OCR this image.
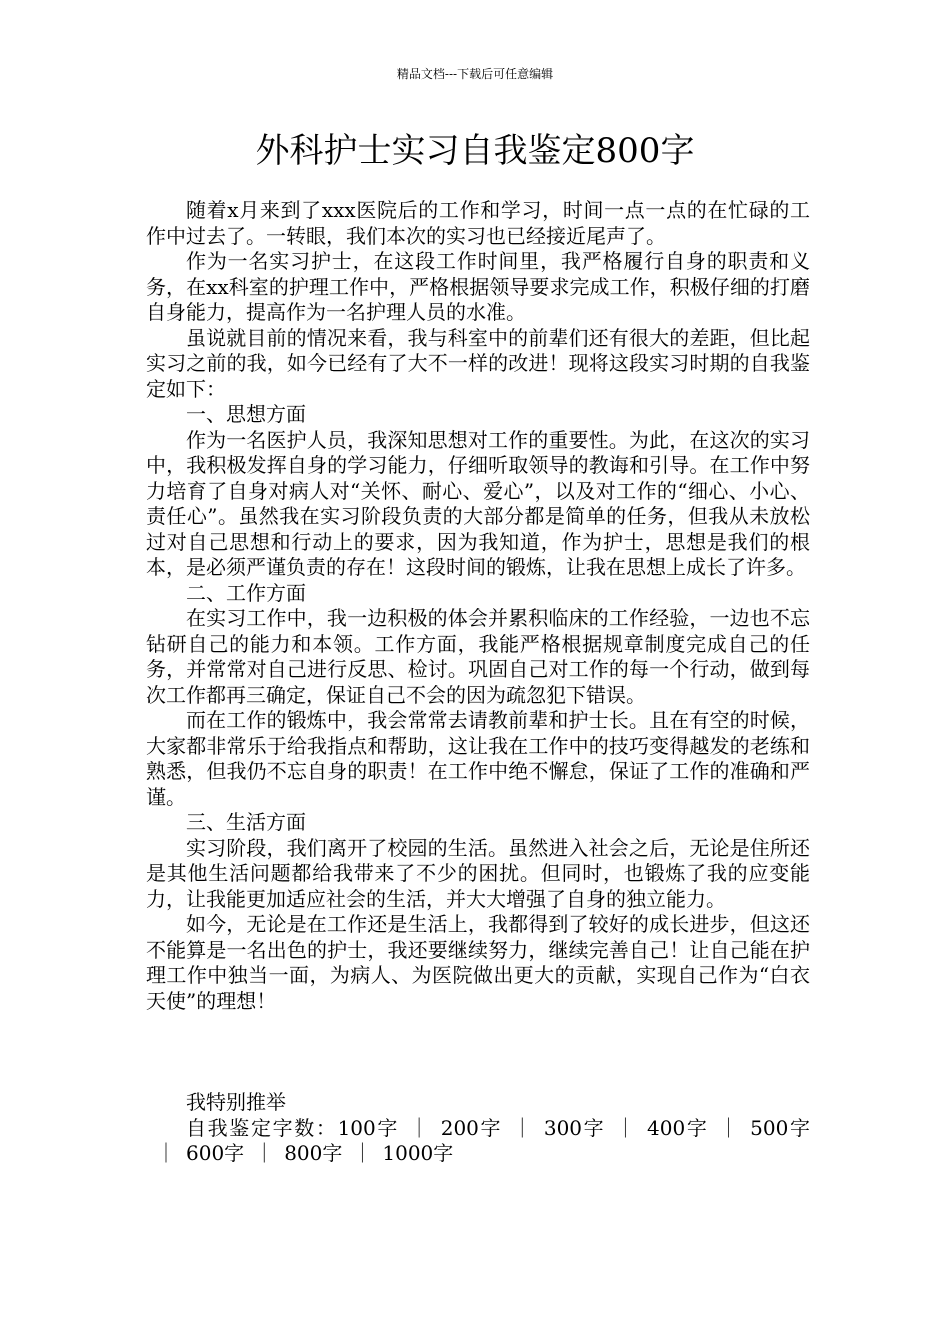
精品文档---下载后可任意编辑
外科护士实习自我鉴定800字

随着x月来到了xxx医院后的工作和学习，时间一点一点的在忙碌的工作中过去了。一转眼，我们本次的实习也已经接近尾声了。

作为一名实习护士，在这段工作时间里，我严格履行自身的职责和义务，在xx科室的护理工作中，严格根据领导要求完成工作，积极仔细的打磨自身能力，提高作为一名护理人员的水准。

虽说就目前的情况来看，我与科室中的前辈们还有很大的差距，但比起实习之前的我，如今已经有了大不一样的改进！现将这段实习时期的自我鉴定如下：

一、思想方面

作为一名医护人员，我深知思想对工作的重要性。为此，在这次的实习中，我积极发挥自身的学习能力，仔细听取领导的教诲和引导。在工作中努力培育了自身对病人对“关怀、耐心、爱心”，以及对工作的“细心、小心、责任心”。虽然我在实习阶段负责的大部分都是简单的任务，但我从未放松过对自己思想和行动上的要求，因为我知道，作为护士，思想是我们的根本，是必须严谨负责的存在！这段时间的锻炼，让我在思想上成长了许多。

二、工作方面

在实习工作中，我一边积极的体会并累积临床的工作经验，一边也不忘钻研自己的能力和本领。工作方面，我能严格根据规章制度完成自己的任务，并常常对自己进行反思、检讨。巩固自己对工作的每一个行动，做到每次工作都再三确定，保证自己不会的因为疏忽犯下错误。

而在工作的锻炼中，我会常常去请教前辈和护士长。且在有空的时候，大家都非常乐于给我指点和帮助，这让我在工作中的技巧变得越发的老练和熟悉，但我仍不忘自身的职责！在工作中绝不懈怠，保证了工作的准确和严谨。

三、生活方面

实习阶段，我们离开了校园的生活。虽然进入社会之后，无论是住所还是其他生活问题都给我带来了不少的困扰。但同时，也锻炼了我的应变能力，让我能更加适应社会的生活，并大大增强了自身的独立能力。

如今，无论是在工作还是生活上，我都得到了较好的成长进步，但这还不能算是一名出色的护士，我还要继续努力，继续完善自己！让自己能在护理工作中独当一面，为病人、为医院做出更大的贡献，实现自己作为“白衣天使”的理想！

我特别推举

自我鉴定字数：100字 ｜ 200字 ｜ 300字 ｜ 400字 ｜ 500字｜ 600字 ｜ 800字 ｜ 1000字
